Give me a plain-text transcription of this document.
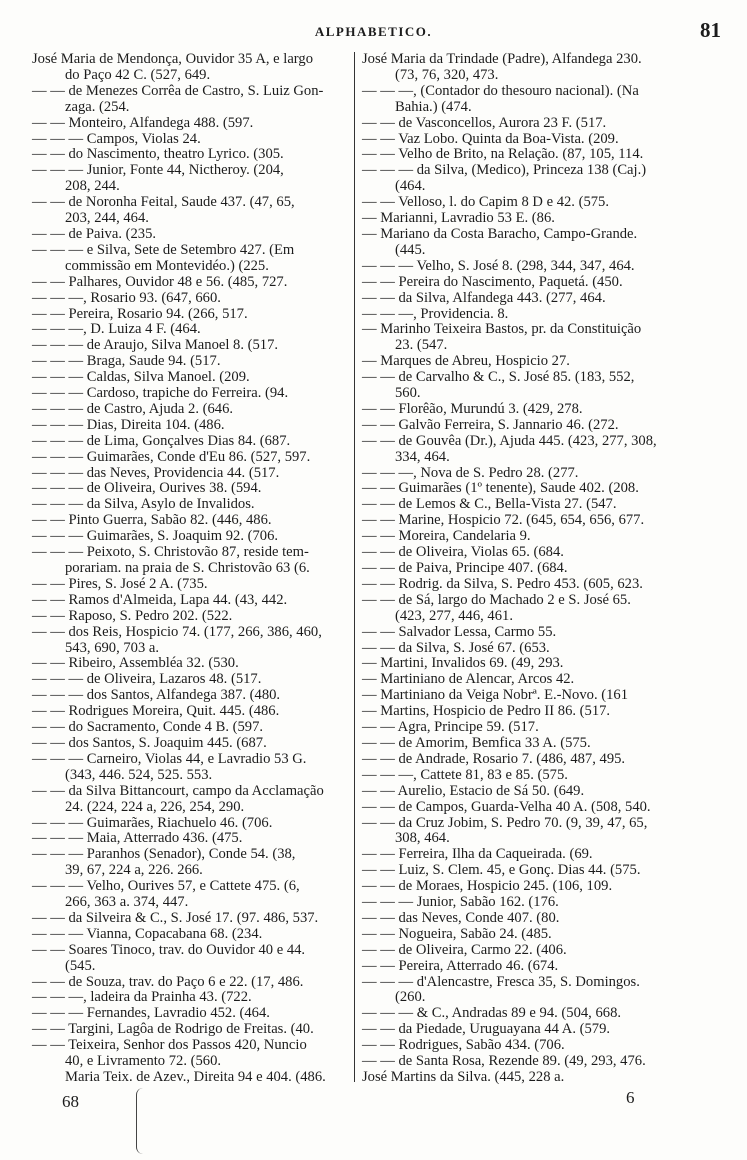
ALPHABETICO.	81
José Maria de Mendonça, Ouvidor 35 A, e largo
do Paço 42 C. (527, 649.
— — de Menezes Corrêa de Castro, S. Luiz Gon-
zaga. (254.
— — Monteiro, Alfandega 488. (597.
— — — Campos, Violas 24.
— — do Nascimento, theatro Lyrico. (305.
— — — Junior, Fonte 44, Nictheroy. (204,
208, 244.
— — de Noronha Feital, Saude 437. (47, 65,
203, 244, 464.
— — de Paiva. (235.
— — — e Silva, Sete de Setembro 427. (Em
commissão em Montevidéo.) (225.
— — Palhares, Ouvidor 48 e 56. (485, 727.
— — —, Rosario 93. (647, 660.
— — Pereira, Rosario 94. (266, 517.
— — —, D. Luiza 4 F. (464.
— — — de Araujo, Silva Manoel 8. (517.
— — — Braga, Saude 94. (517.
— — — Caldas, Silva Manoel. (209.
— — — Cardoso, trapiche do Ferreira. (94.
— — — de Castro, Ajuda 2. (646.
— — — Dias, Direita 104. (486.
— — — de Lima, Gonçalves Dias 84. (687.
— — — Guimarães, Conde d'Eu 86. (527, 597.
— — — das Neves, Providencia 44. (517.
— — — de Oliveira, Ourives 38. (594.
— — — da Silva, Asylo de Invalidos.
— — Pinto Guerra, Sabão 82. (446, 486.
— — — Guimarães, S. Joaquim 92. (706.
— — — Peixoto, S. Christovão 87, reside tem-
porariam. na praia de S. Christovão 63 (6.
— — Pires, S. José 2 A. (735.
— — Ramos d'Almeida, Lapa 44. (43, 442.
— — Raposo, S. Pedro 202. (522.
— — dos Reis, Hospicio 74. (177, 266, 386, 460,
543, 690, 703 a.
— — Ribeiro, Assembléa 32. (530.
— — — de Oliveira, Lazaros 48. (517.
— — — dos Santos, Alfandega 387. (480.
— — Rodrigues Moreira, Quit. 445. (486.
— — do Sacramento, Conde 4 B. (597.
— — dos Santos, S. Joaquim 445. (687.
— — — Carneiro, Violas 44, e Lavradio 53 G.
(343, 446. 524, 525. 553.
— — da Silva Bittancourt, campo da Acclamação
24. (224, 224 a, 226, 254, 290.
— — — Guimarães, Riachuelo 46. (706.
— — — Maia, Atterrado 436. (475.
— — — Paranhos (Senador), Conde 54. (38,
39, 67, 224 a, 226. 266.
— — — Velho, Ourives 57, e Cattete 475. (6,
266, 363 a. 374, 447.
— — da Silveira & C., S. José 17. (97. 486, 537.
— — — Vianna, Copacabana 68. (234.
— — Soares Tinoco, trav. do Ouvidor 40 e 44.
(545.
— — de Souza, trav. do Paço 6 e 22. (17, 486.
— — —, ladeira da Prainha 43. (722.
— — — Fernandes, Lavradio 452. (464.
— — Targini, Lagôa de Rodrigo de Freitas. (40.
— — Teixeira, Senhor dos Passos 420, Nuncio
40, e Livramento 72. (560.
Maria Teix. de Azev., Direita 94 e 404. (486.
José Maria da Trindade (Padre), Alfandega 230.
(73, 76, 320, 473.
— — —, (Contador do thesouro nacional). (Na
Bahia.) (474.
— — de Vasconcellos, Aurora 23 F. (517.
— — Vaz Lobo. Quinta da Boa-Vista. (209.
— — Velho de Brito, na Relação. (87, 105, 114.
— — — da Silva, (Medico), Princeza 138 (Caj.)
(464.
— — Velloso, l. do Capim 8 D e 42. (575.
— Marianni, Lavradio 53 E. (86.
— Mariano da Costa Baracho, Campo-Grande.
(445.
— — — Velho, S. José 8. (298, 344, 347, 464.
— — Pereira do Nascimento, Paquetá. (450.
— — da Silva, Alfandega 443. (277, 464.
— — —, Providencia. 8.
— Marinho Teixeira Bastos, pr. da Constituição
23. (547.
— Marques de Abreu, Hospicio 27.
— — de Carvalho & C., S. José 85. (183, 552,
560.
— — Florêão, Murundú 3. (429, 278.
— — Galvão Ferreira, S. Jannario 46. (272.
— — de Gouvêa (Dr.), Ajuda 445. (423, 277, 308,
334, 464.
— — —, Nova de S. Pedro 28. (277.
— — Guimarães (1º tenente), Saude 402. (208.
— — de Lemos & C., Bella-Vista 27. (547.
— — Marine, Hospicio 72. (645, 654, 656, 677.
— — Moreira, Candelaria 9.
— — de Oliveira, Violas 65. (684.
— — de Paiva, Principe 407. (684.
— — Rodrig. da Silva, S. Pedro 453. (605, 623.
— — de Sá, largo do Machado 2 e S. José 65.
(423, 277, 446, 461.
— — Salvador Lessa, Carmo 55.
— — da Silva, S. José 67. (653.
— Martini, Invalidos 69. (49, 293.
— Martiniano de Alencar, Arcos 42.
— Martiniano da Veiga Nobrª. E.-Novo. (161
— Martins, Hospicio de Pedro II 86. (517.
— — Agra, Principe 59. (517.
— — de Amorim, Bemfica 33 A. (575.
— — de Andrade, Rosario 7. (486, 487, 495.
— — —, Cattete 81, 83 e 85. (575.
— — Aurelio, Estacio de Sá 50. (649.
— — de Campos, Guarda-Velha 40 A. (508, 540.
— — da Cruz Jobim, S. Pedro 70. (9, 39, 47, 65,
308, 464.
— — Ferreira, Ilha da Caqueirada. (69.
— — Luiz, S. Clem. 45, e Gonç. Dias 44. (575.
— — de Moraes, Hospicio 245. (106, 109.
— — — Junior, Sabão 162. (176.
— — das Neves, Conde 407. (80.
— — Nogueira, Sabão 24. (485.
— — de Oliveira, Carmo 22. (406.
— — Pereira, Atterrado 46. (674.
— — — d'Alencastre, Fresca 35, S. Domingos.
(260.
— — — & C., Andradas 89 e 94. (504, 668.
— — da Piedade, Uruguayana 44 A. (579.
— — Rodrigues, Sabão 434. (706.
— — de Santa Rosa, Rezende 89. (49, 293, 476.
José Martins da Silva. (445, 228 a.
68	6
